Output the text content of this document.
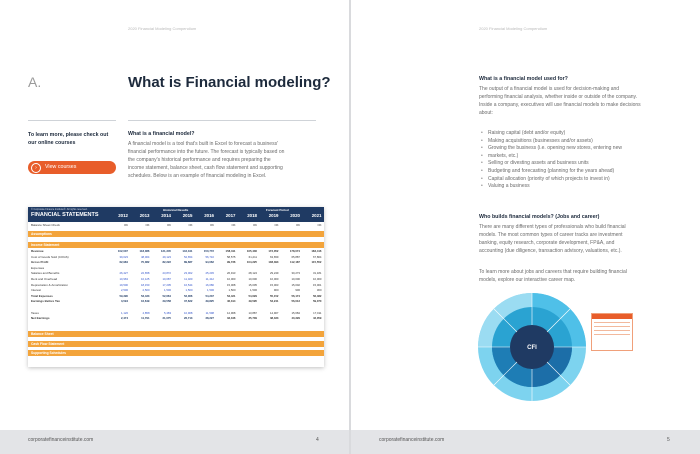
2020 Financial Modeling Compendium
A.	What is Financial modeling?
To learn more, please check out our online courses
› View courses
What is a financial model?
A financial model is a tool that's built in Excel to forecast a business'
financial performance into the future. The forecast is typically based on
the company's historical performance and requires preparing the
income statement, balance sheet, cash flow statement and supporting
schedules. Below is an example of financial modeling in Excel.
© Corporate Finance Institute®. All rights reserved.
FINANCIAL STATEMENTS
Historical Results	Forecast Period
2012	2013	2014	2015	2016	2017	2018	2019	2020	2021
Balance Sheet Check	OK	OK	OK	OK	OK	OK	OK	OK	OK	OK
Assumptions
Income Statement
Balance Sheet
Cash Flow Statement
Supporting Schedules
Revenue	102,007	118,086	131,345	142,341	150,772	158,311	165,436	172,052	178,074	183,416
Cost of Goods Sold (COGS)	39,023	48,004	49,123	52,654	56,710	58,575	61,211	63,659	65,887	67,864
Gross Profit	62,984	70,082	82,222	89,687	94,062	99,736	104,225	108,393	112,187	115,552
Expenses
Salaries and Benefits	26,427	22,658	23,872	23,002	25,245	26,913	28,124	29,249	30,273	31,181
Rent and Overhead	10,963	10,125	10,087	11,020	11,412	10,000	10,000	10,000	10,000	10,000
Depreciation & Amortization	19,500	18,150	17,205	16,544	16,080	15,008	15,005	15,003	15,002	15,001
Interest	2,500	2,500	1,500	1,500	1,500	1,500	1,500	900	900	300
Total Expenses	59,390	53,433	52,664	52,066	54,237	53,421	54,629	55,152	56,174	56,482
Earnings Before Tax	3,594	16,649	29,558	37,622	39,825	46,314	49,595	53,241	56,013	59,070
Taxes	1,120	4,858	5,483	10,908	11,598	12,968	13,887	14,907	15,684	17,011
Net Earnings	2,474	11,791	21,075	26,713	28,227	33,346	35,709	38,333	40,329	42,059
corporatefinanceinstitute.com	4
2020 Financial Modeling Compendium
What is a financial model used for?
The output of a financial model is used for decision-making and
performing financial analysis, whether inside or outside of the company.
Inside a company, executives will use financial models to make decisions
about:
• Raising capital (debt and/or equity)
• Making acquisitions (businesses and/or assets)
• Growing the business (i.e. opening new stores, entering new
• markets, etc.)
• Selling or divesting assets and business units
• Budgeting and forecasting (planning for the years ahead)
• Capital allocation (priority of which projects to invest in)
• Valuing a business
Who builds financial models? (Jobs and career)
There are many different types of professionals who build financial
models. The most common types of career tracks are investment
banking, equity research, corporate development, FP&A, and
accounting (due diligence, transaction advisory, valuations, etc.).
To learn more about jobs and careers that require building financial
models, explore our interactive career map.
corporatefinanceinstitute.com	5
CFI
